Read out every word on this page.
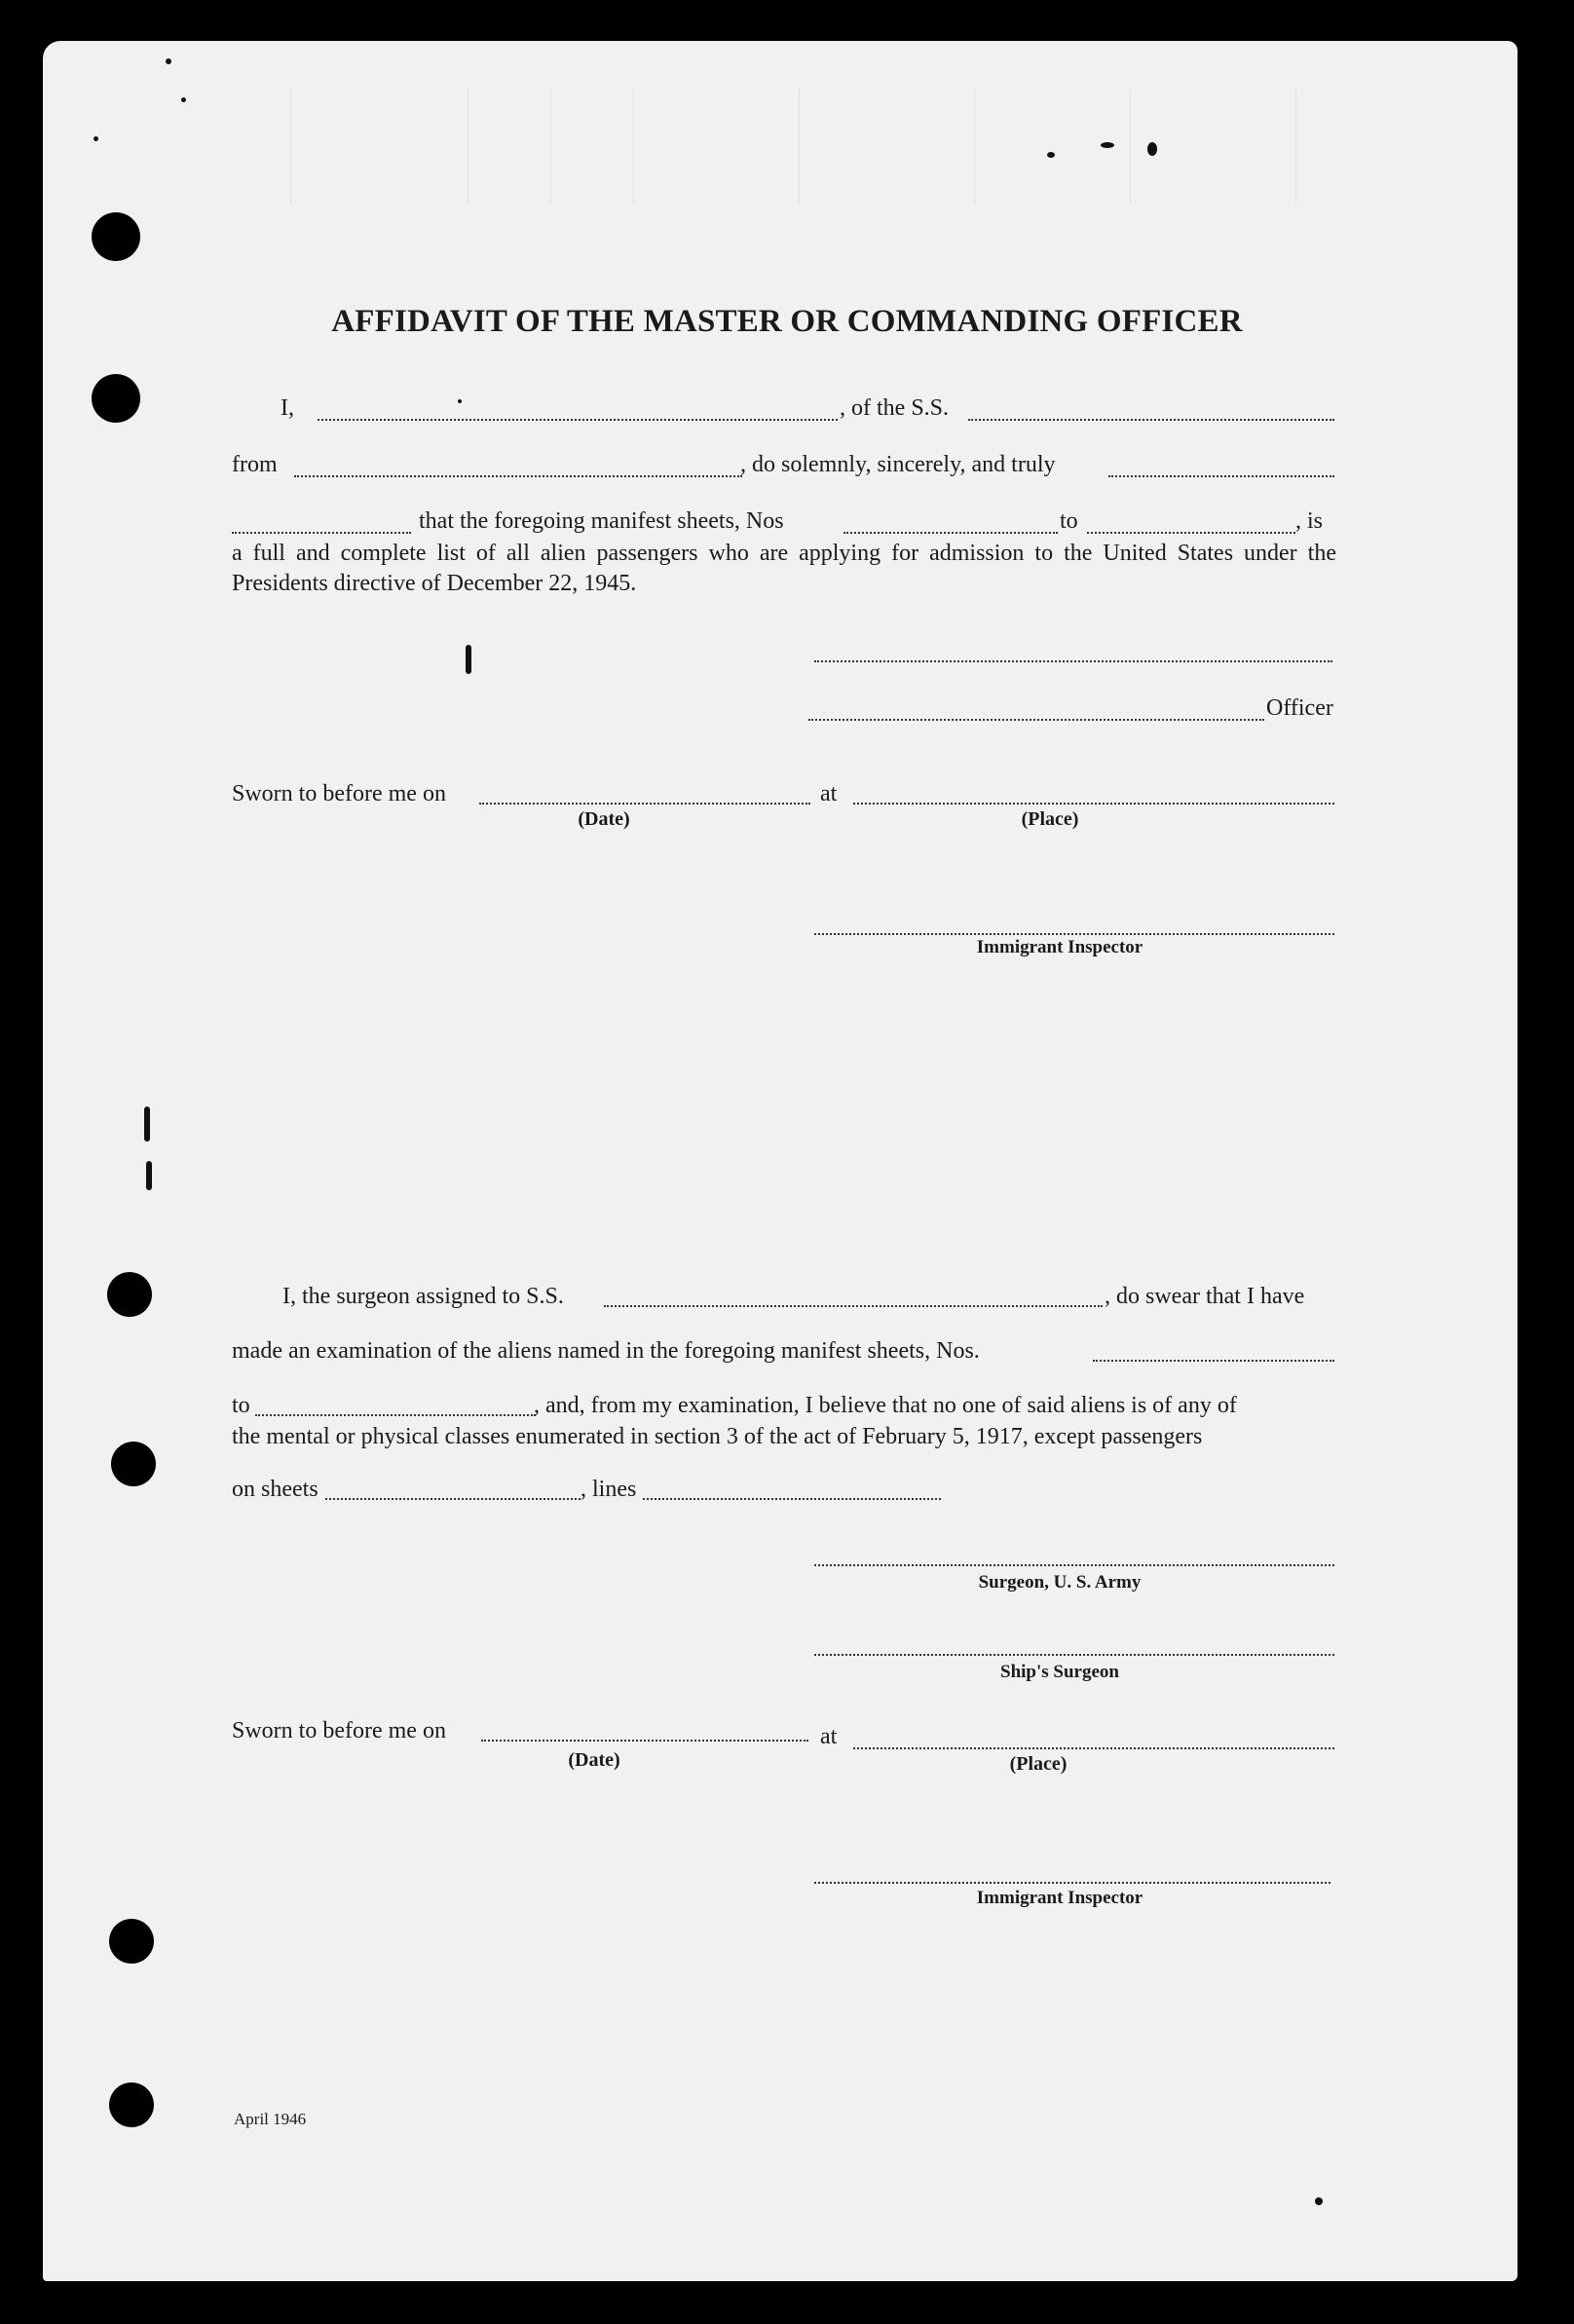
AFFIDAVIT OF THE MASTER OR COMMANDING OFFICER
I,	, of the S.S.
from	, do solemnly, sincerely, and truly
that the foregoing manifest sheets, Nos	to	, is
a full and complete list of all alien passengers who are applying for admission to the United States under the Presidents directive of December 22, 1945.
Officer
Sworn to before me on	at
(Date)	(Place)
Immigrant Inspector
I, the surgeon assigned to S.S.	, do swear that I have
made an examination of the aliens named in the foregoing manifest sheets, Nos.
to	, and, from my examination, I believe that no one of said aliens is of any of
the mental or physical classes enumerated in section 3 of the act of February 5, 1917, except passengers
on sheets	, lines
Surgeon, U. S. Army
Ship's Surgeon
Sworn to before me on	at
(Date)	(Place)
Immigrant Inspector
April 1946
